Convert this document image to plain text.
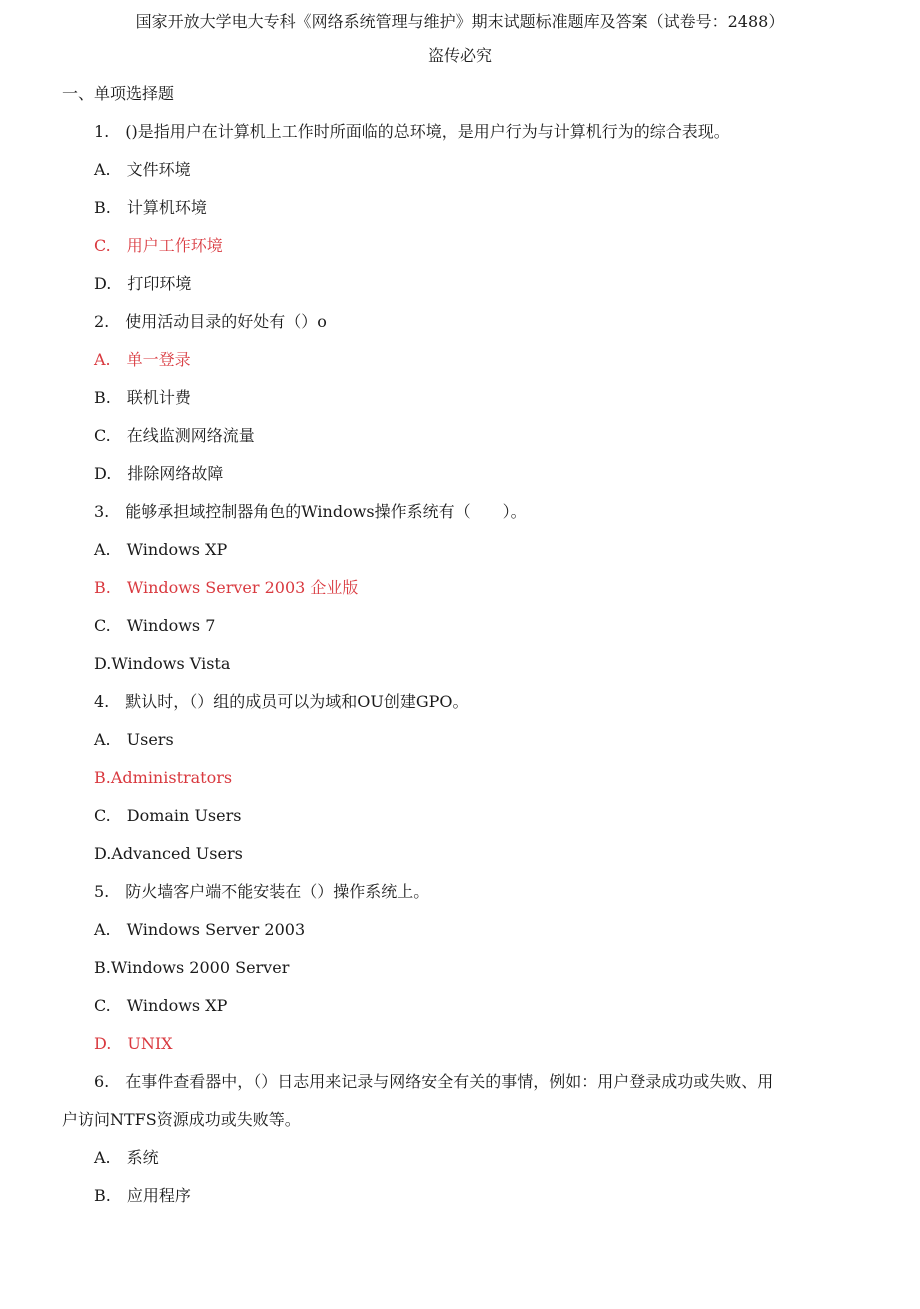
国家开放大学电大专科《网络系统管理与维护》期末试题标准题库及答案（试卷号：2488）
盗传必究
一、单项选择题
1.　()是指用户在计算机上工作时所面临的总环境，是用户行为与计算机行为的综合表现。
A.　文件环境
B.　计算机环境
C.　用户工作环境
D.　打印环境
2.　使用活动目录的好处有（）o
A.　单一登录
B.　联机计费
C.　在线监测网络流量
D.　排除网络故障
3.　能够承担域控制器角色的Windows操作系统有（　　）。
A.　Windows XP
B.　Windows Server 2003 企业版
C.　Windows 7
D.Windows Vista
4.　默认时，（）组的成员可以为域和OU创建GPO。
A.　Users
B.Administrators
C.　Domain Users
D.Advanced Users
5.　防火墙客户端不能安装在（）操作系统上。
A.　Windows Server 2003
B.Windows 2000 Server
C.　Windows XP
D.　UNIX
6.　在事件查看器中，（）日志用来记录与网络安全有关的事情，例如：用户登录成功或失败、用
户访问NTFS资源成功或失败等。
A.　系统
B.　应用程序
